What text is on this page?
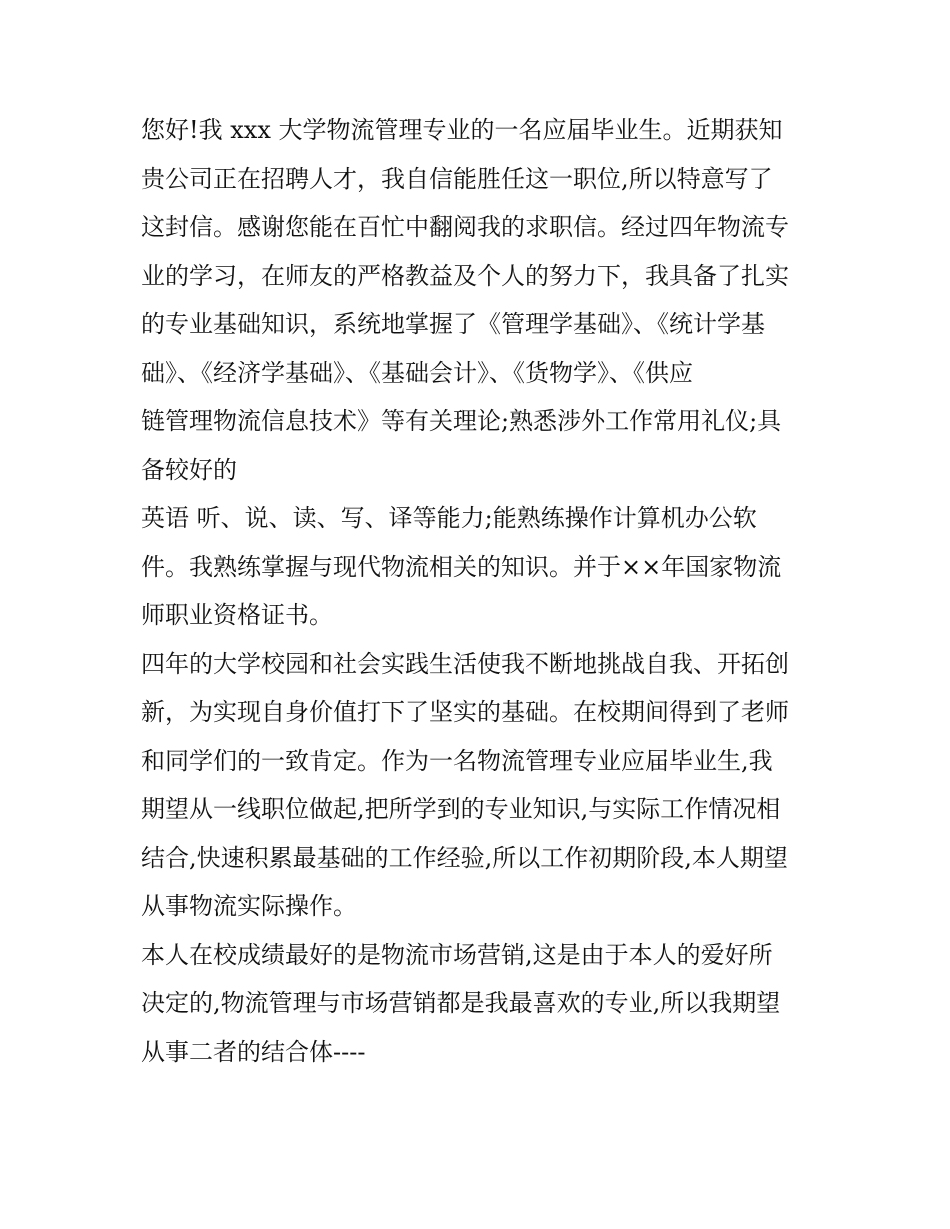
您好!我 xxx 大学物流管理专业的一名应届毕业生。近期获知
贵公司正在招聘人才，我自信能胜任这一职位,所以特意写了
这封信。感谢您能在百忙中翻阅我的求职信。经过四年物流专
业的学习，在师友的严格教益及个人的努力下，我具备了扎实
的专业基础知识，系统地掌握了《管理学基础》、《统计学基
础》、《经济学基础》、《基础会计》、《货物学》、《供应
链管理物流信息技术》等有关理论;熟悉涉外工作常用礼仪;具
备较好的
英语 听、说、读、写、译等能力;能熟练操作计算机办公软
件。我熟练掌握与现代物流相关的知识。并于××年国家物流
师职业资格证书。
四年的大学校园和社会实践生活使我不断地挑战自我、开拓创
新，为实现自身价值打下了坚实的基础。在校期间得到了老师
和同学们的一致肯定。作为一名物流管理专业应届毕业生,我
期望从一线职位做起,把所学到的专业知识,与实际工作情况相
结合,快速积累最基础的工作经验,所以工作初期阶段,本人期望
从事物流实际操作。
本人在校成绩最好的是物流市场营销,这是由于本人的爱好所
决定的,物流管理与市场营销都是我最喜欢的专业,所以我期望
从事二者的结合体----
